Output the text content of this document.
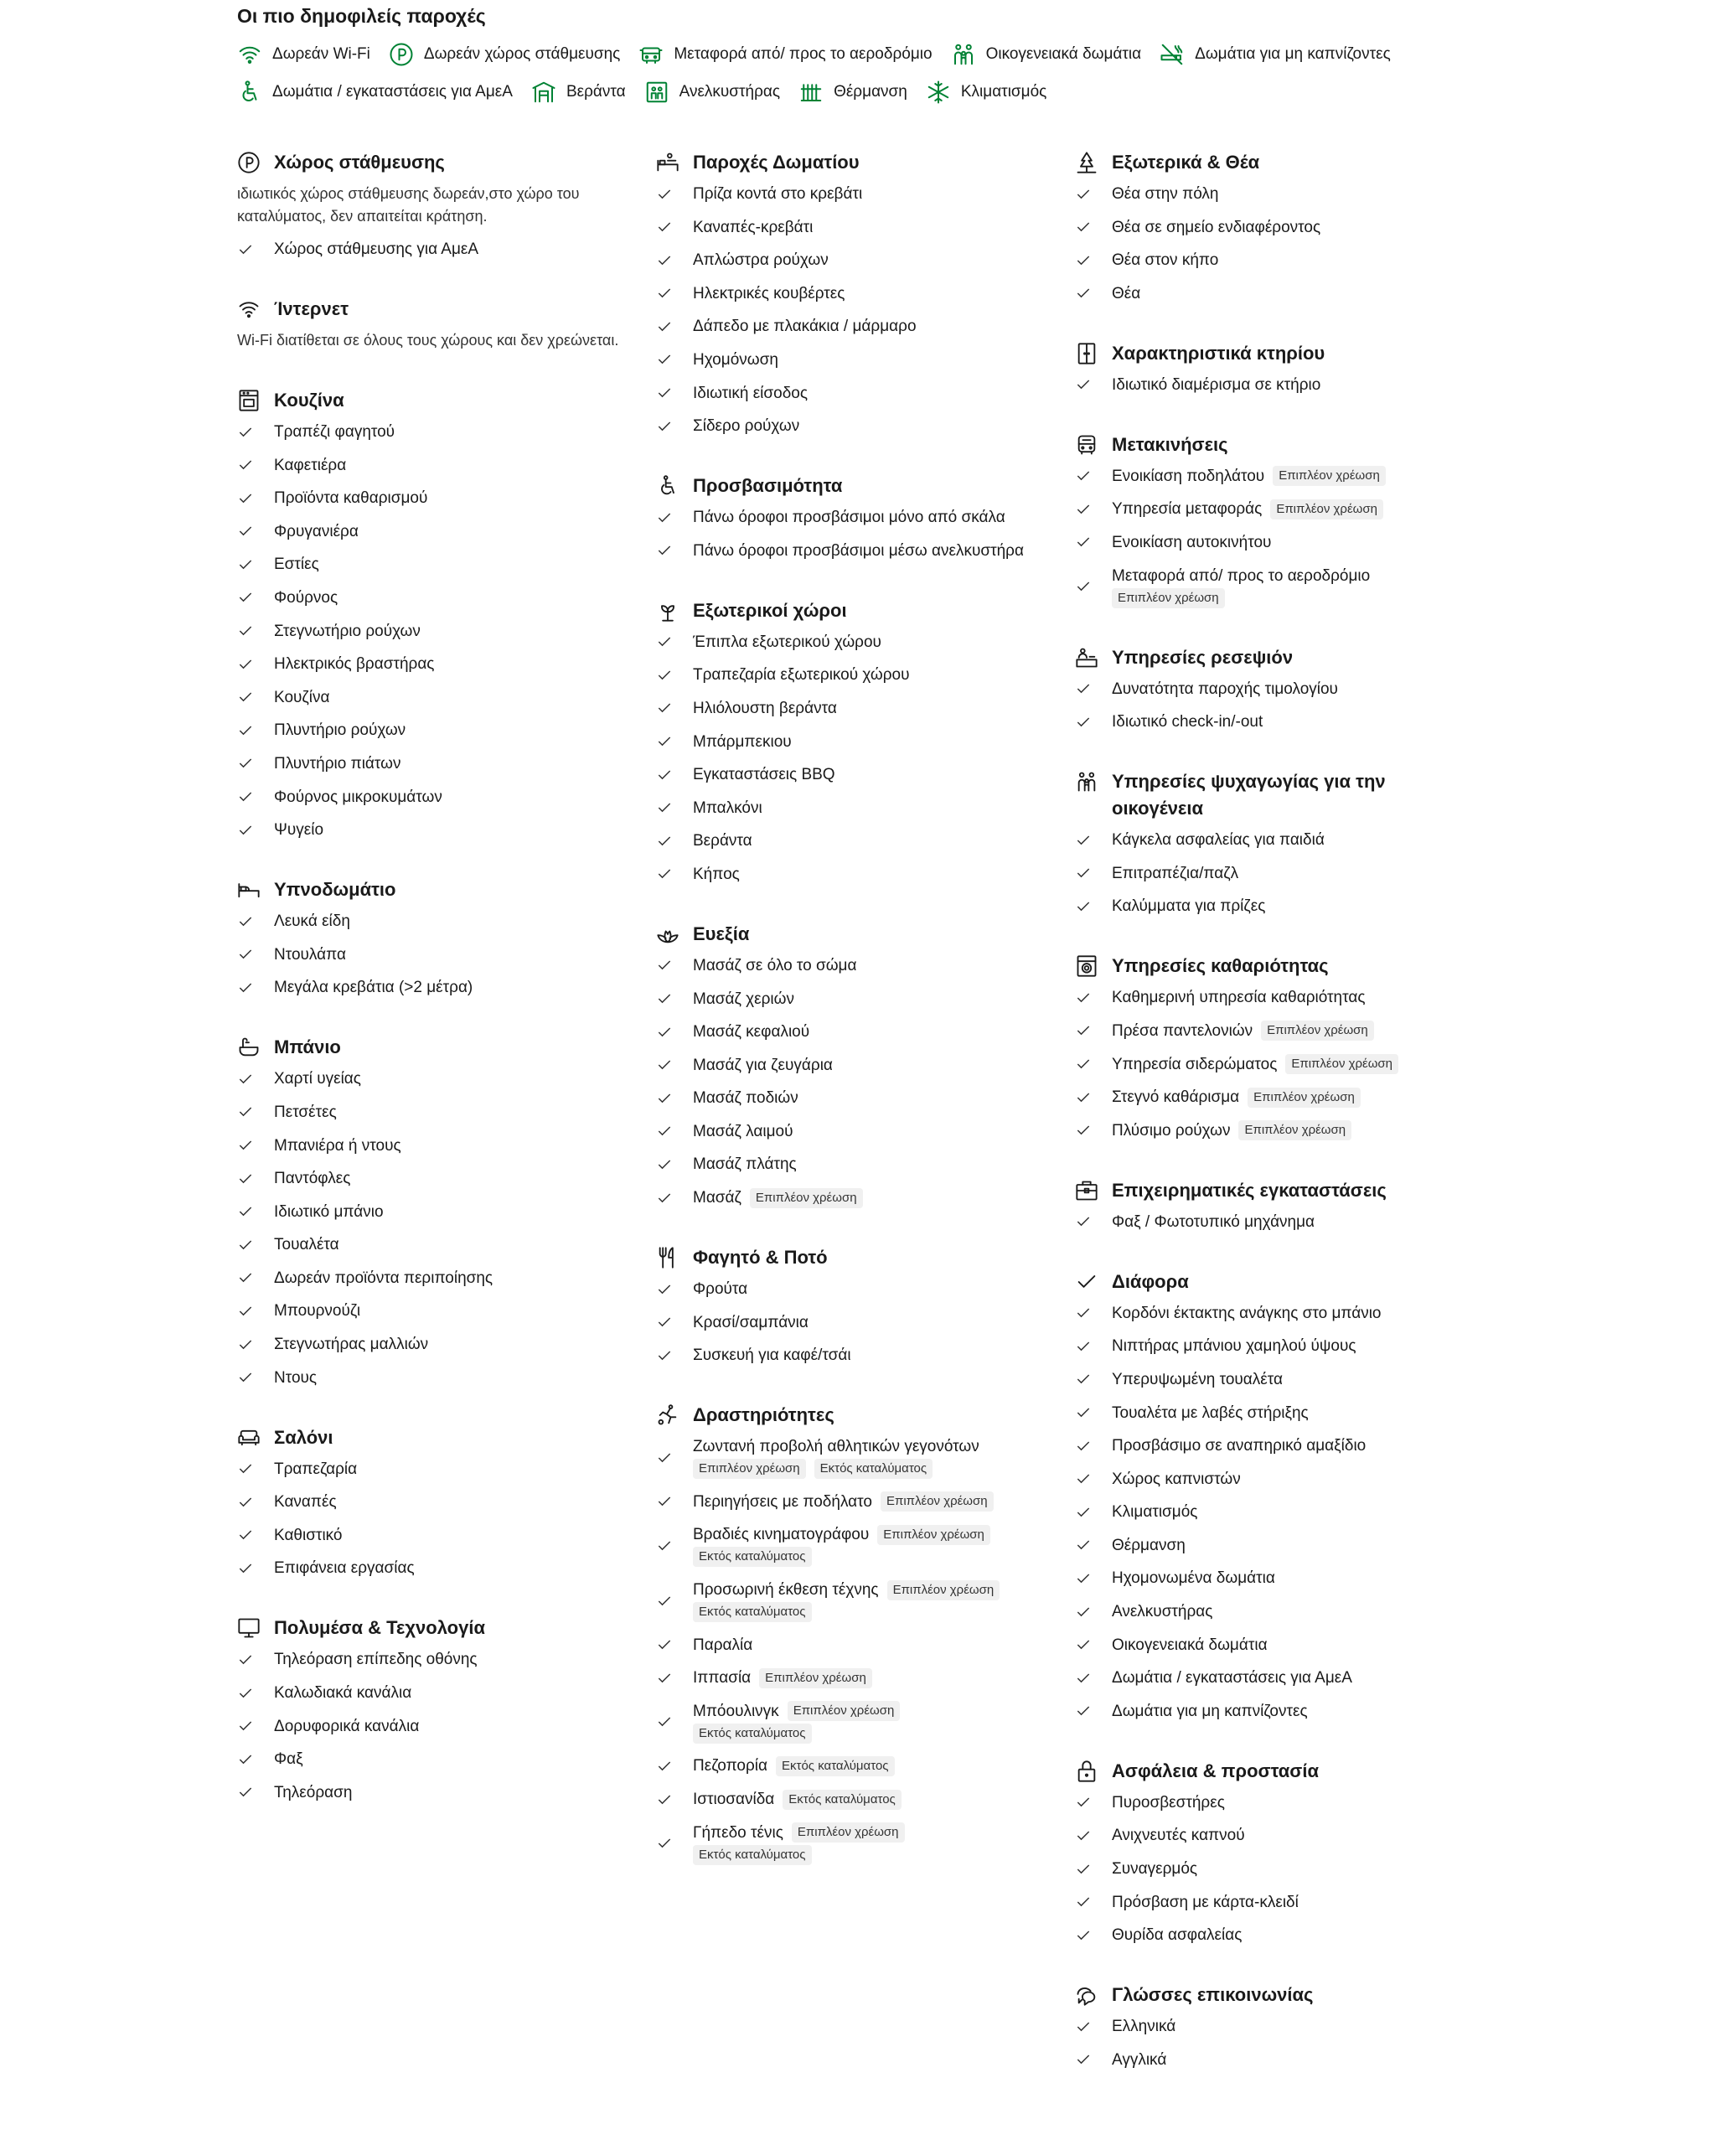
Οι πιο δημοφιλείς παροχές
Δωρεάν Wi-Fi	Δωρεάν χώρος στάθμευσης	Μεταφορά από/ προς το αεροδρόμιο	Οικογενειακά δωμάτια	Δωμάτια για μη καπνίζοντες
Δωμάτια / εγκαταστάσεις για ΑμεΑ	Βεράντα	Ανελκυστήρας	Θέρμανση	Κλιματισμός
Χώρος στάθμευσης
ιδιωτικός χώρος στάθμευσης δωρεάν,στο χώρο του καταλύματος, δεν απαιτείται κράτηση.
Χώρος στάθμευσης για ΑμεΑ
Ίντερνετ
Wi-Fi διατίθεται σε όλους τους χώρους και δεν χρεώνεται.
Κουζίνα
Τραπέζι φαγητού
Καφετιέρα
Προϊόντα καθαρισμού
Φρυγανιέρα
Εστίες
Φούρνος
Στεγνωτήριο ρούχων
Ηλεκτρικός βραστήρας
Κουζίνα
Πλυντήριο ρούχων
Πλυντήριο πιάτων
Φούρνος μικροκυμάτων
Ψυγείο
Υπνοδωμάτιο
Λευκά είδη
Ντουλάπα
Μεγάλα κρεβάτια (>2 μέτρα)
Μπάνιο
Χαρτί υγείας
Πετσέτες
Μπανιέρα ή ντους
Παντόφλες
Ιδιωτικό μπάνιο
Τουαλέτα
Δωρεάν προϊόντα περιποίησης
Μπουρνούζι
Στεγνωτήρας μαλλιών
Ντους
Σαλόνι
Τραπεζαρία
Καναπές
Καθιστικό
Επιφάνεια εργασίας
Πολυμέσα & Τεχνολογία
Τηλεόραση επίπεδης οθόνης
Καλωδιακά κανάλια
Δορυφορικά κανάλια
Φαξ
Τηλεόραση
Παροχές Δωματίου
Πρίζα κοντά στο κρεβάτι
Καναπές-κρεβάτι
Απλώστρα ρούχων
Ηλεκτρικές κουβέρτες
Δάπεδο με πλακάκια / μάρμαρο
Ηχομόνωση
Ιδιωτική είσοδος
Σίδερο ρούχων
Προσβασιμότητα
Πάνω όροφοι προσβάσιμοι μόνο από σκάλα
Πάνω όροφοι προσβάσιμοι μέσω ανελκυστήρα
Εξωτερικοί χώροι
Έπιπλα εξωτερικού χώρου
Τραπεζαρία εξωτερικού χώρου
Ηλιόλουστη βεράντα
Μπάρμπεκιου
Εγκαταστάσεις BBQ
Μπαλκόνι
Βεράντα
Κήπος
Ευεξία
Μασάζ σε όλο το σώμα
Μασάζ χεριών
Μασάζ κεφαλιού
Μασάζ για ζευγάρια
Μασάζ ποδιών
Μασάζ λαιμού
Μασάζ πλάτης
Μασάζ	Επιπλέον χρέωση
Φαγητό & Ποτό
Φρούτα
Κρασί/σαμπάνια
Συσκευή για καφέ/τσάι
Δραστηριότητες
Ζωντανή προβολή αθλητικών γεγονότων
Επιπλέον χρέωση	Εκτός καταλύματος
Περιηγήσεις με ποδήλατο	Επιπλέον χρέωση
Βραδιές κινηματογράφου	Επιπλέον χρέωση
Εκτός καταλύματος
Προσωρινή έκθεση τέχνης	Επιπλέον χρέωση
Εκτός καταλύματος
Παραλία
Ιππασία	Επιπλέον χρέωση
Μπόουλινγκ	Επιπλέον χρέωση
Εκτός καταλύματος
Πεζοπορία	Εκτός καταλύματος
Ιστιοσανίδα	Εκτός καταλύματος
Γήπεδο τένις	Επιπλέον χρέωση
Εκτός καταλύματος
Εξωτερικά & Θέα
Θέα στην πόλη
Θέα σε σημείο ενδιαφέροντος
Θέα στον κήπο
Θέα
Χαρακτηριστικά κτηρίου
Ιδιωτικό διαμέρισμα σε κτήριο
Μετακινήσεις
Ενοικίαση ποδηλάτου	Επιπλέον χρέωση
Υπηρεσία μεταφοράς	Επιπλέον χρέωση
Ενοικίαση αυτοκινήτου
Μεταφορά από/ προς το αεροδρόμιο
Επιπλέον χρέωση
Υπηρεσίες ρεσεψιόν
Δυνατότητα παροχής τιμολογίου
Ιδιωτικό check-in/-out
Υπηρεσίες ψυχαγωγίας για την οικογένεια
Κάγκελα ασφαλείας για παιδιά
Επιτραπέζια/παζλ
Καλύμματα για πρίζες
Υπηρεσίες καθαριότητας
Καθημερινή υπηρεσία καθαριότητας
Πρέσα παντελονιών	Επιπλέον χρέωση
Υπηρεσία σιδερώματος	Επιπλέον χρέωση
Στεγνό καθάρισμα	Επιπλέον χρέωση
Πλύσιμο ρούχων	Επιπλέον χρέωση
Επιχειρηματικές εγκαταστάσεις
Φαξ / Φωτοτυπικό μηχάνημα
Διάφορα
Κορδόνι έκτακτης ανάγκης στο μπάνιο
Νιπτήρας μπάνιου χαμηλού ύψους
Υπερυψωμένη τουαλέτα
Τουαλέτα με λαβές στήριξης
Προσβάσιμο σε αναπηρικό αμαξίδιο
Χώρος καπνιστών
Κλιματισμός
Θέρμανση
Ηχομονωμένα δωμάτια
Ανελκυστήρας
Οικογενειακά δωμάτια
Δωμάτια / εγκαταστάσεις για ΑμεΑ
Δωμάτια για μη καπνίζοντες
Ασφάλεια & προστασία
Πυροσβεστήρες
Ανιχνευτές καπνού
Συναγερμός
Πρόσβαση με κάρτα-κλειδί
Θυρίδα ασφαλείας
Γλώσσες επικοινωνίας
Ελληνικά
Αγγλικά
